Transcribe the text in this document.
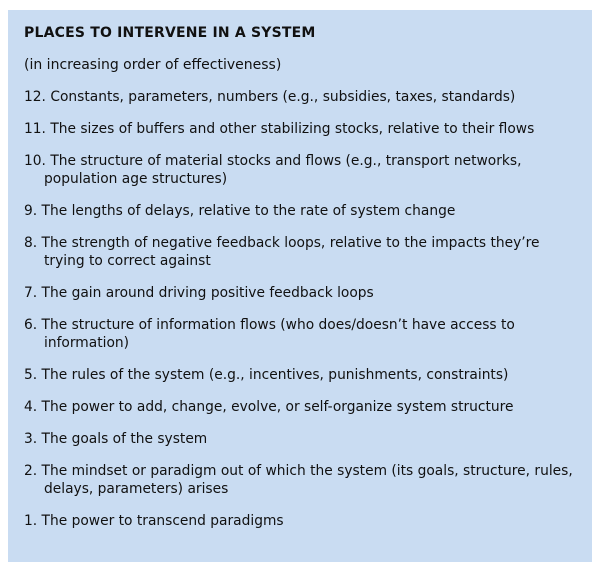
PLACES TO INTERVENE IN A SYSTEM
(in increasing order of effectiveness)
12. Constants, parameters, numbers (e.g., subsidies, taxes, standards)
11. The sizes of buffers and other stabilizing stocks, relative to their flows
10. The structure of material stocks and flows (e.g., transport networks, population age structures)
9. The lengths of delays, relative to the rate of system change
8. The strength of negative feedback loops, relative to the impacts they’re trying to correct against
7. The gain around driving positive feedback loops
6. The structure of information flows (who does/doesn’t have access to information)
5. The rules of the system (e.g., incentives, punishments, constraints)
4. The power to add, change, evolve, or self-organize system structure
3. The goals of the system
2. The mindset or paradigm out of which the system (its goals, structure, rules, delays, parameters) arises
1. The power to transcend paradigms
